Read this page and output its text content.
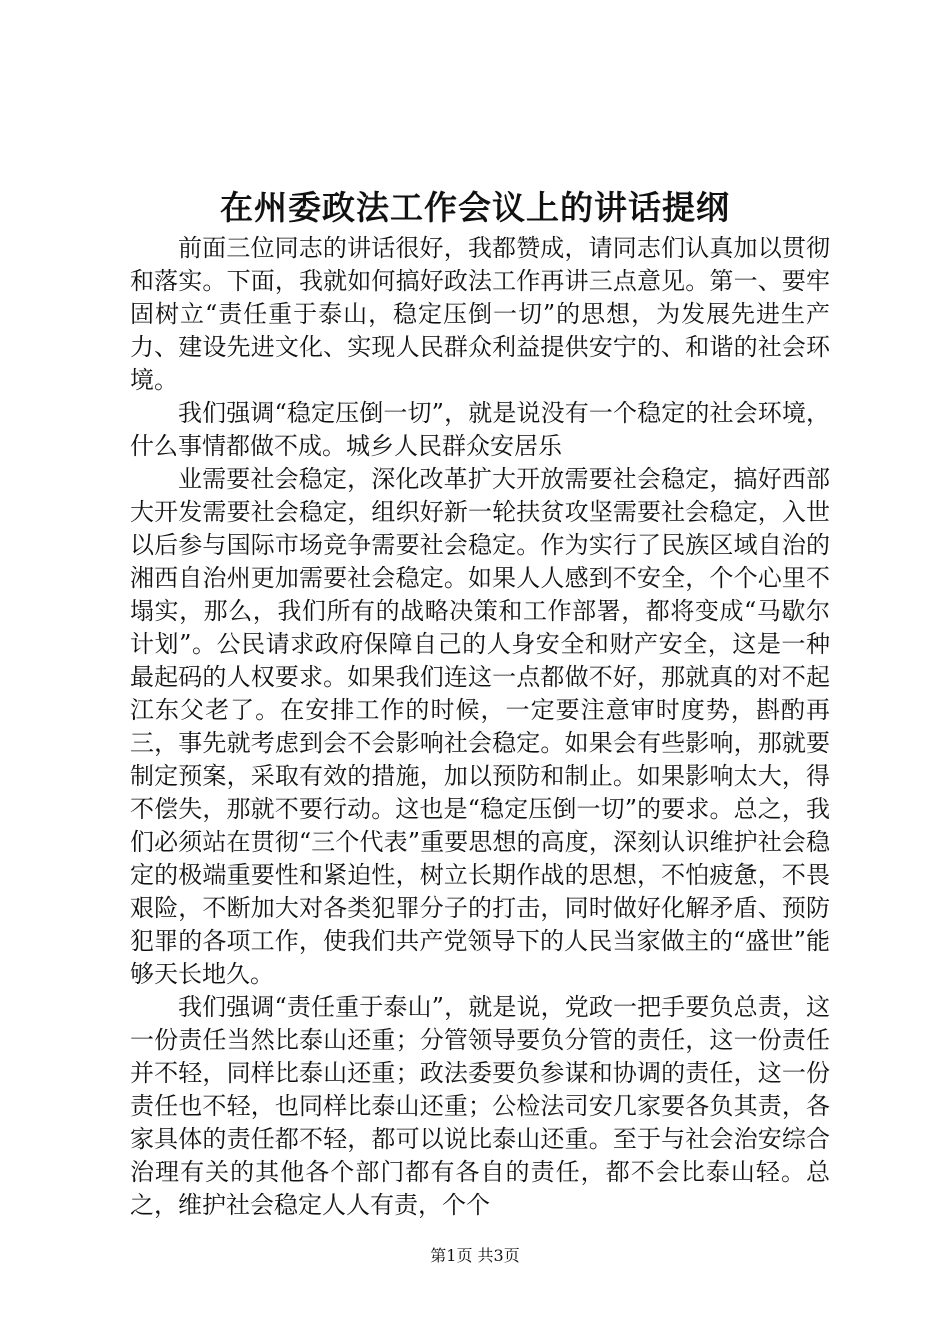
在州委政法工作会议上的讲话提纲

前面三位同志的讲话很好，我都赞成，请同志们认真加以贯彻和落实。下面，我就如何搞好政法工作再讲三点意见。第一、要牢固树立“责任重于泰山，稳定压倒一切”的思想，为发展先进生产力、建设先进文化、实现人民群众利益提供安宁的、和谐的社会环境。

我们强调“稳定压倒一切”，就是说没有一个稳定的社会环境，什么事情都做不成。城乡人民群众安居乐

业需要社会稳定，深化改革扩大开放需要社会稳定，搞好西部大开发需要社会稳定，组织好新一轮扶贫攻坚需要社会稳定，入世以后参与国际市场竞争需要社会稳定。作为实行了民族区域自治的湘西自治州更加需要社会稳定。如果人人感到不安全，个个心里不塌实，那么，我们所有的战略决策和工作部署，都将变成“马歇尔计划”。公民请求政府保障自己的人身安全和财产安全，这是一种最起码的人权要求。如果我们连这一点都做不好，那就真的对不起江东父老了。在安排工作的时候，一定要注意审时度势，斟酌再三，事先就考虑到会不会影响社会稳定。如果会有些影响，那就要制定预案，采取有效的措施，加以预防和制止。如果影响太大，得不偿失，那就不要行动。这也是“稳定压倒一切”的要求。总之，我们必须站在贯彻“三个代表”重要思想的高度，深刻认识维护社会稳定的极端重要性和紧迫性，树立长期作战的思想，不怕疲惫，不畏艰险，不断加大对各类犯罪分子的打击，同时做好化解矛盾、预防犯罪的各项工作，使我们共产党领导下的人民当家做主的“盛世”能够天长地久。

我们强调“责任重于泰山”，就是说，党政一把手要负总责，这一份责任当然比泰山还重；分管领导要负分管的责任，这一份责任并不轻，同样比泰山还重；政法委要负参谋和协调的责任，这一份责任也不轻，也同样比泰山还重；公检法司安几家要各负其责，各家具体的责任都不轻，都可以说比泰山还重。至于与社会治安综合治理有关的其他各个部门都有各自的责任，都不会比泰山轻。总之，维护社会稳定人人有责，个个

第1页 共3页
